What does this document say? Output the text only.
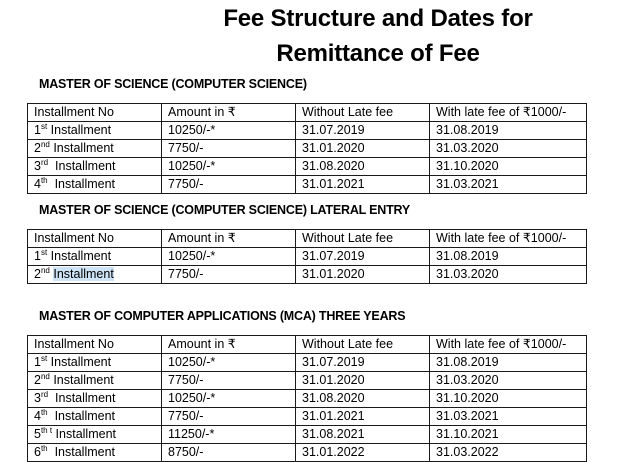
Fee Structure and Dates for
Remittance of Fee
MASTER OF SCIENCE (COMPUTER SCIENCE)
Installment No	Amount in ₹	Without Late fee	With late fee of ₹1000/-
1st Installment	10250/-*	31.07.2019	31.08.2019
2nd Installment	7750/-	31.01.2020	31.03.2020
3rd  Installment	10250/-*	31.08.2020	31.10.2020
4th  Installment	7750/-	31.01.2021	31.03.2021
MASTER OF SCIENCE (COMPUTER SCIENCE) LATERAL ENTRY
Installment No	Amount in ₹	Without Late fee	With late fee of ₹1000/-
1st Installment	10250/-*	31.07.2019	31.08.2019
2nd Installment	7750/-	31.01.2020	31.03.2020
MASTER OF COMPUTER APPLICATIONS (MCA) THREE YEARS
Installment No	Amount in ₹	Without Late fee	With late fee of ₹1000/-
1st Installment	10250/-*	31.07.2019	31.08.2019
2nd Installment	7750/-	31.01.2020	31.03.2020
3rd  Installment	10250/-*	31.08.2020	31.10.2020
4th  Installment	7750/-	31.01.2021	31.03.2021
$5^{th t}$ Installment	11250/-*	31.08.2021	31.10.2021
6th  Installment	8750/-	31.01.2022	31.03.2022
